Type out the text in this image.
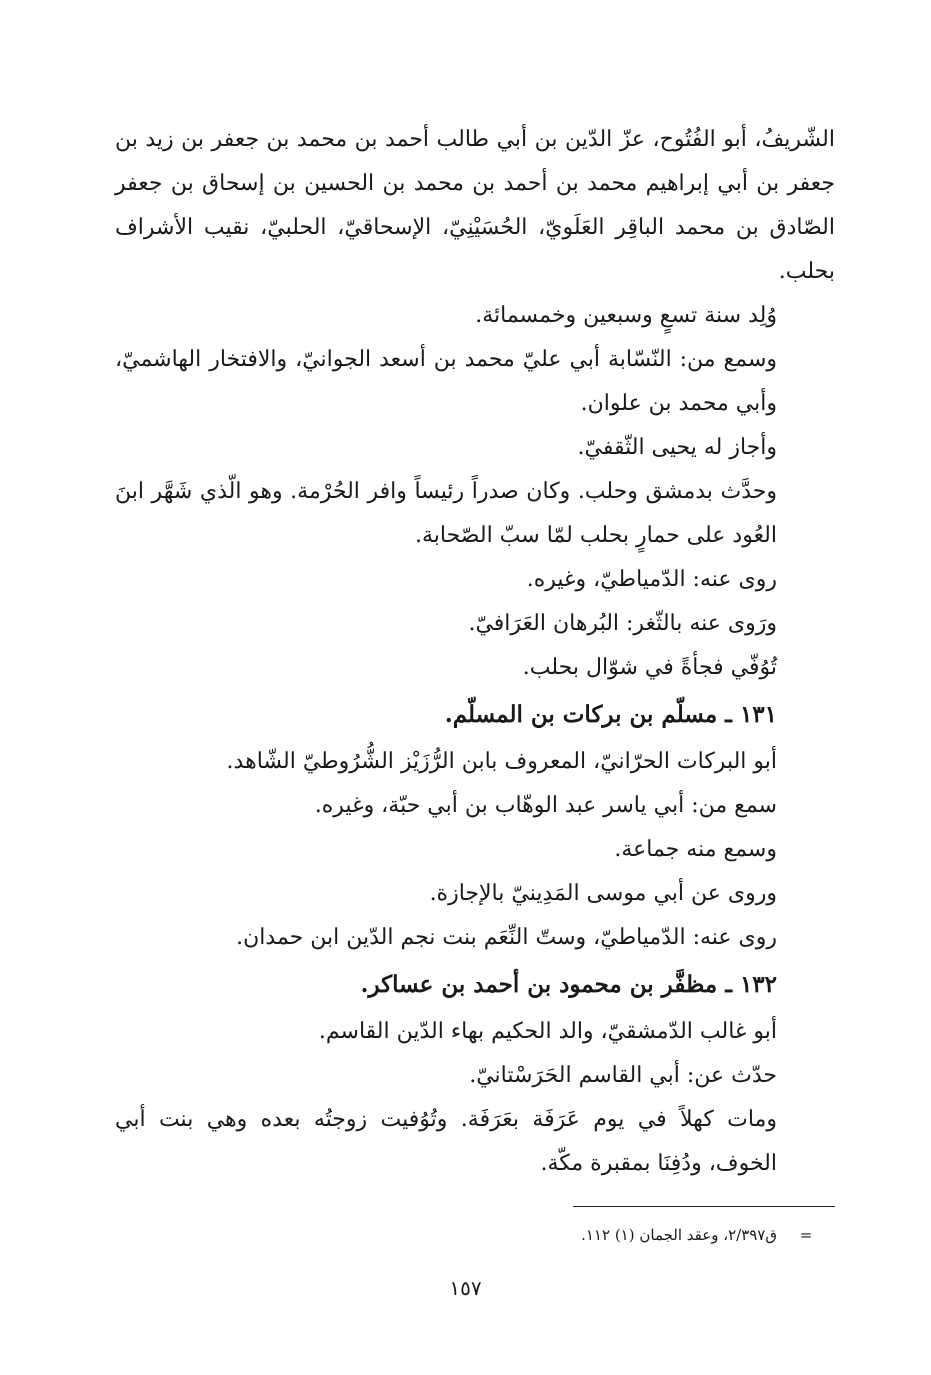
الشّريفُ، أبو الفُتُوح، عزّ الدّين بن أبي طالب أحمد بن محمد بن جعفر بن زيد بن جعفر بن أبي إبراهيم محمد بن أحمد بن محمد بن الحسين بن إسحاق بن جعفر الصّادق بن محمد الباقِر العَلَويّ، الحُسَيْنِيّ، الإسحاقيّ، الحلبيّ، نقيب الأشراف بحلب.

وُلِد سنة تسعٍ وسبعين وخمسمائة.

وسمع من: النّسّابة أبي عليّ محمد بن أسعد الجوانيّ، والافتخار الهاشميّ، وأبي محمد بن علوان.

وأجاز له يحيى الثّقفيّ.

وحدَّث بدمشق وحلب. وكان صدراً رئيساً وافر الحُرْمة. وهو الّذي شَهَّر ابنَ العُود على حمارٍ بحلب لمّا سبّ الصّحابة.

روى عنه: الدّمياطيّ، وغيره.

ورَوى عنه بالثّغر: البُرهان العَرَافيّ.

تُوُفّي فجأةً في شوّال بحلب.

١٣١ ـ مسلّم بن بركات بن المسلّم.

أبو البركات الحرّانيّ، المعروف بابن الرُّزَيْز الشُّرُوطيّ الشّاهد.

سمع من: أبي ياسر عبد الوهّاب بن أبي حبّة، وغيره.

وسمع منه جماعة.

وروى عن أبي موسى المَدِينيّ بالإجازة.

روى عنه: الدّمياطيّ، وستّ النِّعَم بنت نجم الدّين ابن حمدان.

١٣٢ ـ مظفَّر بن محمود بن أحمد بن عساكر.

أبو غالب الدّمشقيّ، والد الحكيم بهاء الدّين القاسم.

حدّث عن: أبي القاسم الحَرَسْتانيّ.

ومات كهلاً في يوم عَرَفَة بعَرَفَة. وتُوُفيت زوجتُه بعده وهي بنت أبي الخوف، ودُفِنَا بمقبرة مكّة.

=ق٢/٣٩٧، وعقد الجمان (١) ١١٢.
١٥٧
